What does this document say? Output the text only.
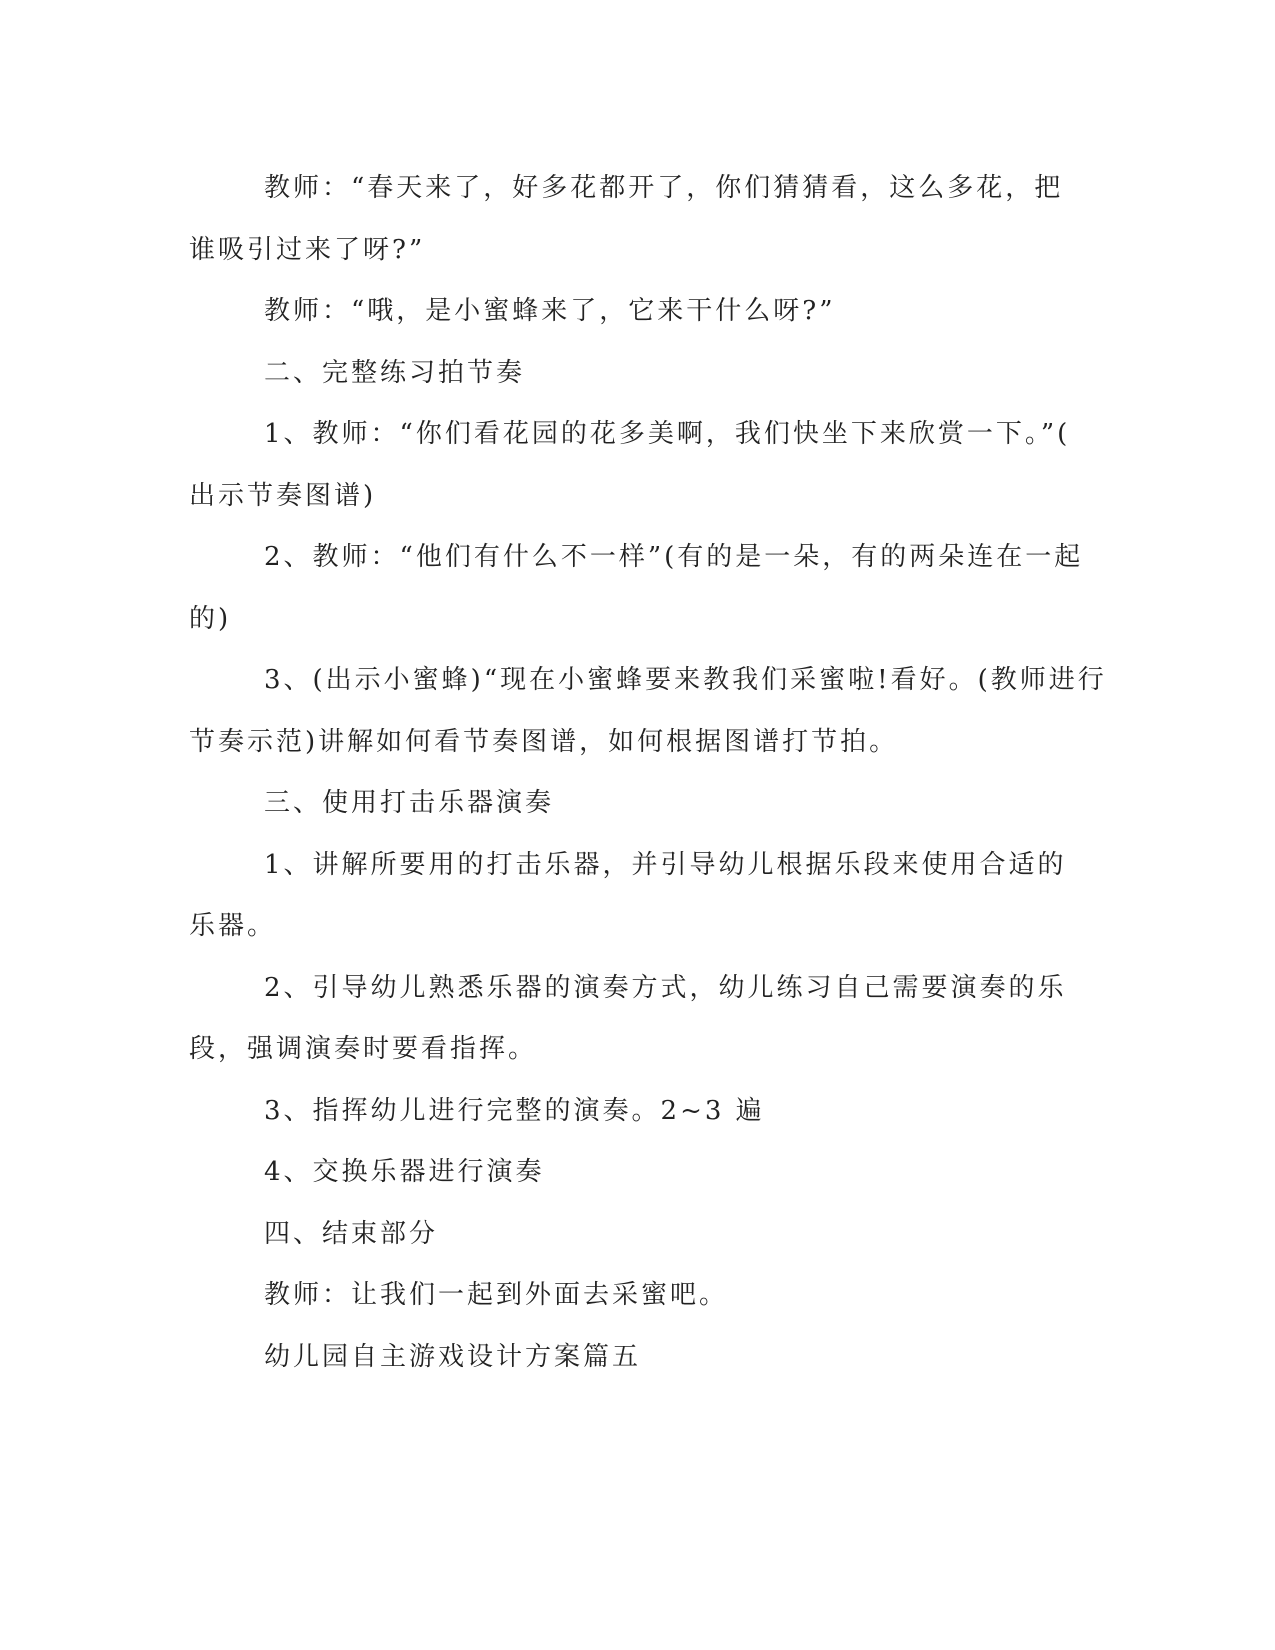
教师：“春天来了，好多花都开了，你们猜猜看，这么多花，把
谁吸引过来了呀?”
教师：“哦，是小蜜蜂来了，它来干什么呀?”
二、完整练习拍节奏
1、教师：“你们看花园的花多美啊，我们快坐下来欣赏一下。”(
出示节奏图谱)
2、教师：“他们有什么不一样”(有的是一朵，有的两朵连在一起
的)
3、(出示小蜜蜂)“现在小蜜蜂要来教我们采蜜啦!看好。(教师进行
节奏示范)讲解如何看节奏图谱，如何根据图谱打节拍。
三、使用打击乐器演奏
1、讲解所要用的打击乐器，并引导幼儿根据乐段来使用合适的
乐器。
2、引导幼儿熟悉乐器的演奏方式，幼儿练习自己需要演奏的乐
段，强调演奏时要看指挥。
3、指挥幼儿进行完整的演奏。2~3 遍
4、交换乐器进行演奏
四、结束部分
教师：让我们一起到外面去采蜜吧。
幼儿园自主游戏设计方案篇五
